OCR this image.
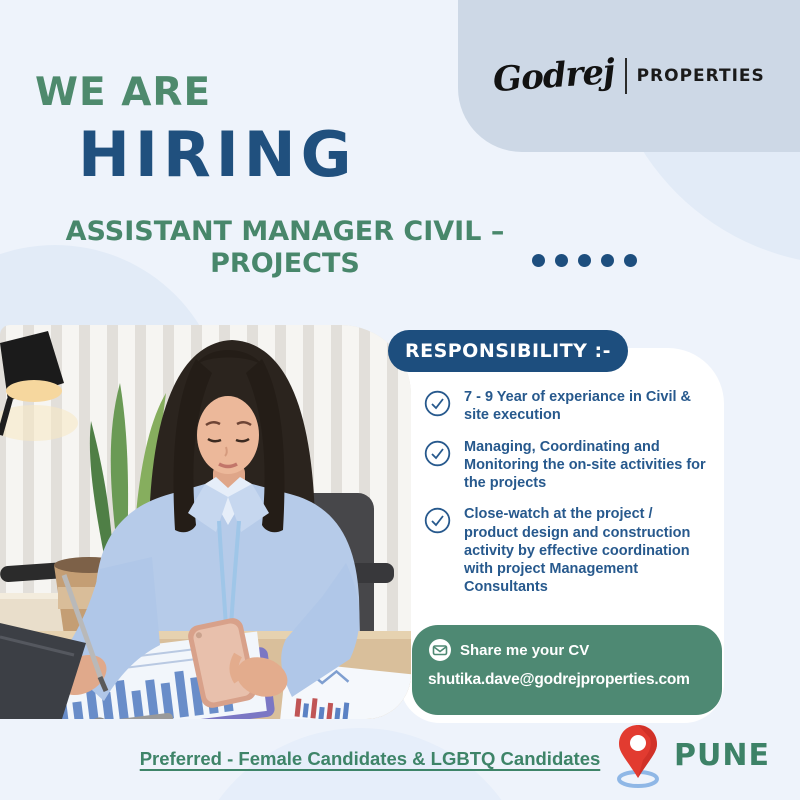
Godrej PROPERTIES
WE ARE
HIRING
ASSISTANT MANAGER CIVIL –
PROJECTS
7 - 9 Year of experiance in Civil & site execution
Managing, Coordinating and Monitoring the on-site activities for the projects
Close-watch at the project / product design and construction activity by effective coordination with project Management Consultants
RESPONSIBILITY :-
Share me your CV
shutika.dave@godrejproperties.com
Preferred - Female Candidates & LGBTQ Candidates	PUNE
